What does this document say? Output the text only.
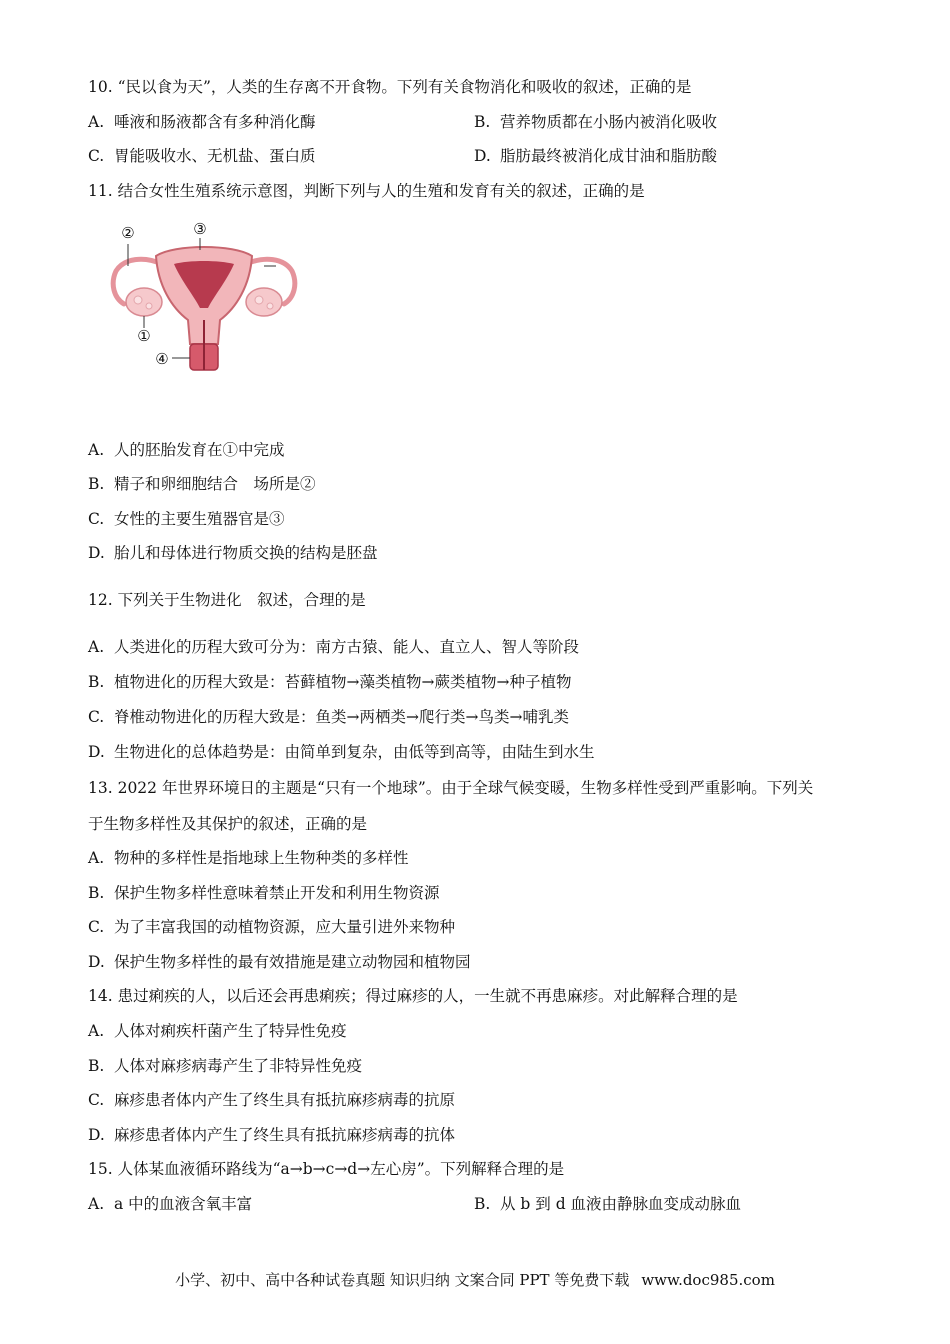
10. “民以食为天”，人类的生存离不开食物。下列有关食物消化和吸收的叙述，正确的是
A. 唾液和肠液都含有多种消化酶	B. 营养物质都在小肠内被消化吸收
C. 胃能吸收水、无机盐、蛋白质	D. 脂肪最终被消化成甘油和脂肪酸
11. 结合女性生殖系统示意图，判断下列与人的生殖和发育有关的叙述，正确的是
①
②	③
④
A. 人的胚胎发育在①中完成
B. 精子和卵细胞结合　场所是②
C. 女性的主要生殖器官是③
D. 胎儿和母体进行物质交换的结构是胚盘
12. 下列关于生物进化　叙述，合理的是
A. 人类进化的历程大致可分为：南方古猿、能人、直立人、智人等阶段
B. 植物进化的历程大致是：苔藓植物→藻类植物→蕨类植物→种子植物
C. 脊椎动物进化的历程大致是：鱼类→两栖类→爬行类→鸟类→哺乳类
D. 生物进化的总体趋势是：由简单到复杂，由低等到高等，由陆生到水生
13. 2022 年世界环境日的主题是“只有一个地球”。由于全球气候变暖，生物多样性受到严重影响。下列关
于生物多样性及其保护的叙述，正确的是
A. 物种的多样性是指地球上生物种类的多样性
B. 保护生物多样性意味着禁止开发和利用生物资源
C. 为了丰富我国的动植物资源，应大量引进外来物种
D. 保护生物多样性的最有效措施是建立动物园和植物园
14. 患过痢疾的人，以后还会再患痢疾；得过麻疹的人，一生就不再患麻疹。对此解释合理的是
A. 人体对痢疾杆菌产生了特异性免疫
B. 人体对麻疹病毒产生了非特异性免疫
C. 麻疹患者体内产生了终生具有抵抗麻疹病毒的抗原
D. 麻疹患者体内产生了终生具有抵抗麻疹病毒的抗体
15. 人体某血液循环路线为“a→b→c→d→左心房”。下列解释合理的是
A. a 中的血液含氧丰富	B. 从 b 到 d 血液由静脉血变成动脉血
小学、初中、高中各种试卷真题 知识归纳 文案合同 PPT 等免费下载 www.doc985.com
